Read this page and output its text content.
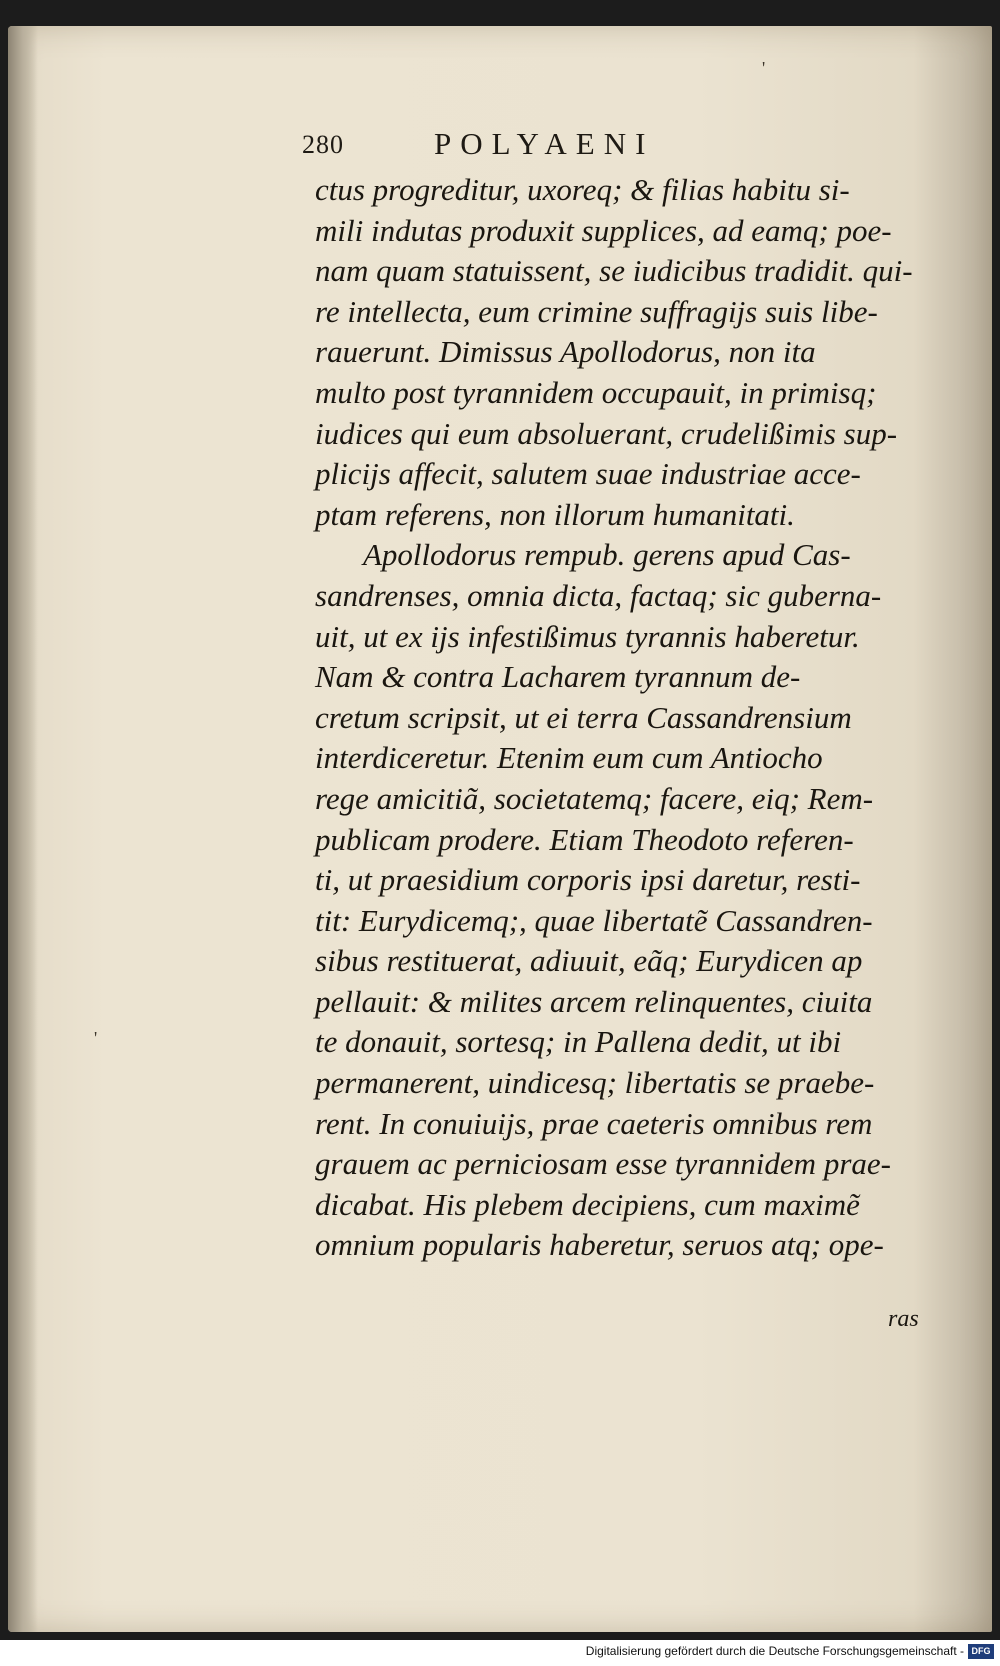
280	POLYAENI
ctus progreditur, uxoreq; & filias habitu si-
mili indutas produxit supplices, ad eamq; poe-
nam quam statuissent, se iudicibus tradidit. qui-
re intellecta, eum crimine suffragijs suis libe-
rauerunt. Dimissus Apollodorus, non ita
multo post tyrannidem occupauit, in primisq;
iudices qui eum absoluerant, crudelißimis sup-
plicijs affecit, salutem suae industriae acce-
ptam referens, non illorum humanitati.
Apollodorus rempub. gerens apud Cas-
sandrenses, omnia dicta, factaq; sic guberna-
uit, ut ex ijs infestißimus tyrannis haberetur.
Nam & contra Lacharem tyrannum de-
cretum scripsit, ut ei terra Cassandrensium
interdiceretur. Etenim eum cum Antiocho
rege amicitiã, societatemq; facere, eiq; Rem-
publicam prodere. Etiam Theodoto referen-
ti, ut praesidium corporis ipsi daretur, resti-
tit: Eurydicemq;, quae libertatẽ Cassandren-
sibus restituerat, adiuuit, eãq; Eurydicen ap
pellauit: & milites arcem relinquentes, ciuita
te donauit, sortesq; in Pallena dedit, ut ibi
permanerent, uindicesq; libertatis se praebe-
rent. In conuiuijs, prae caeteris omnibus rem
grauem ac perniciosam esse tyrannidem prae-
dicabat. His plebem decipiens, cum maximẽ
omnium popularis haberetur, seruos atq; ope-
ras
'
'
Digitalisierung gefördert durch die Deutsche Forschungsgemeinschaft - DFG
